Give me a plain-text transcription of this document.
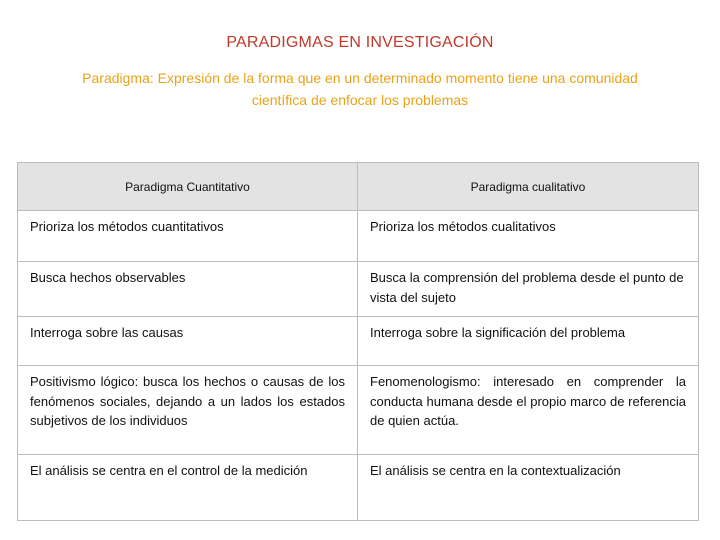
PARADIGMAS EN INVESTIGACIÓN
Paradigma: Expresión de la forma que en un determinado momento tiene una comunidad científica de enfocar los problemas
Paradigma Cuantitativo	Paradigma cualitativo
Prioriza los métodos cuantitativos	Prioriza los métodos cualitativos
Busca hechos observables	Busca la comprensión del problema desde el punto de vista del sujeto
Interroga sobre las causas	Interroga sobre la significación del problema
Positivismo lógico: busca los hechos o causas de los fenómenos sociales, dejando a un lados los estados subjetivos de los individuos	Fenomenologismo: interesado en comprender la conducta humana desde el propio marco de referencia de quien actúa.
El análisis se centra en el control de la medición	El análisis se centra en la contextualización
